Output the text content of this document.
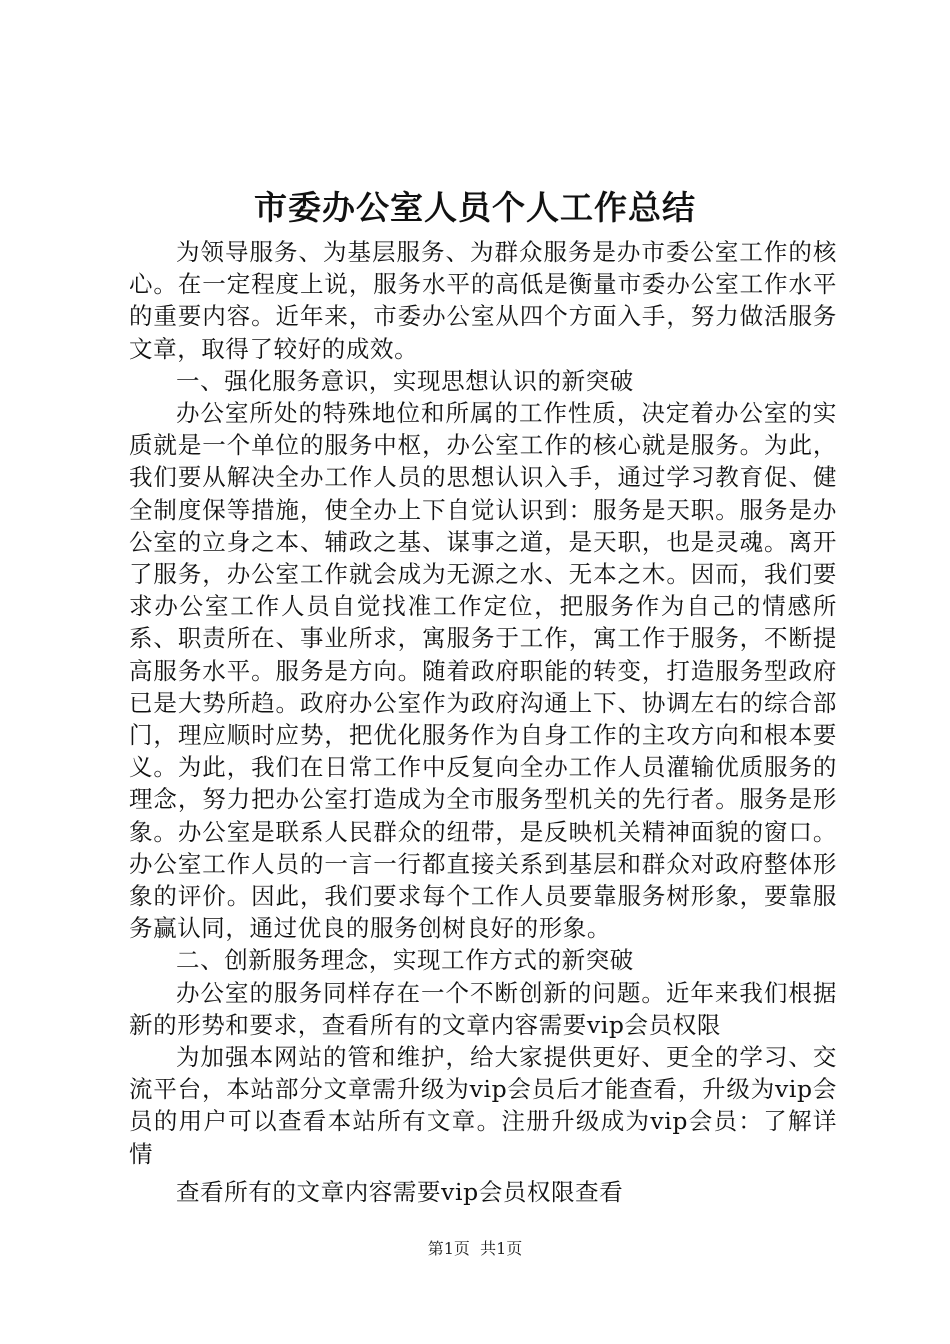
市委办公室人员个人工作总结

为领导服务、为基层服务、为群众服务是办市委公室工作的核心。在一定程度上说，服务水平的高低是衡量市委办公室工作水平的重要内容。近年来，市委办公室从四个方面入手，努力做活服务文章，取得了较好的成效。

一、强化服务意识，实现思想认识的新突破

办公室所处的特殊地位和所属的工作性质，决定着办公室的实质就是一个单位的服务中枢，办公室工作的核心就是服务。为此，我们要从解决全办工作人员的思想认识入手，通过学习教育促、健全制度保等措施，使全办上下自觉认识到：服务是天职。服务是办公室的立身之本、辅政之基、谋事之道，是天职，也是灵魂。离开了服务，办公室工作就会成为无源之水、无本之木。因而，我们要求办公室工作人员自觉找准工作定位，把服务作为自己的情感所系、职责所在、事业所求，寓服务于工作，寓工作于服务，不断提高服务水平。服务是方向。随着政府职能的转变，打造服务型政府已是大势所趋。政府办公室作为政府沟通上下、协调左右的综合部门，理应顺时应势，把优化服务作为自身工作的主攻方向和根本要义。为此，我们在日常工作中反复向全办工作人员灌输优质服务的理念，努力把办公室打造成为全市服务型机关的先行者。服务是形象。办公室是联系人民群众的纽带，是反映机关精神面貌的窗口。办公室工作人员的一言一行都直接关系到基层和群众对政府整体形象的评价。因此，我们要求每个工作人员要靠服务树形象，要靠服务赢认同，通过优良的服务创树良好的形象。

二、创新服务理念，实现工作方式的新突破

办公室的服务同样存在一个不断创新的问题。近年来我们根据新的形势和要求，查看所有的文章内容需要vip会员权限

为加强本网站的管和维护，给大家提供更好、更全的学习、交流平台，本站部分文章需升级为vip会员后才能查看，升级为vip会员的用户可以查看本站所有文章。注册升级成为vip会员：了解详情

查看所有的文章内容需要vip会员权限查看

第1页 共1页
